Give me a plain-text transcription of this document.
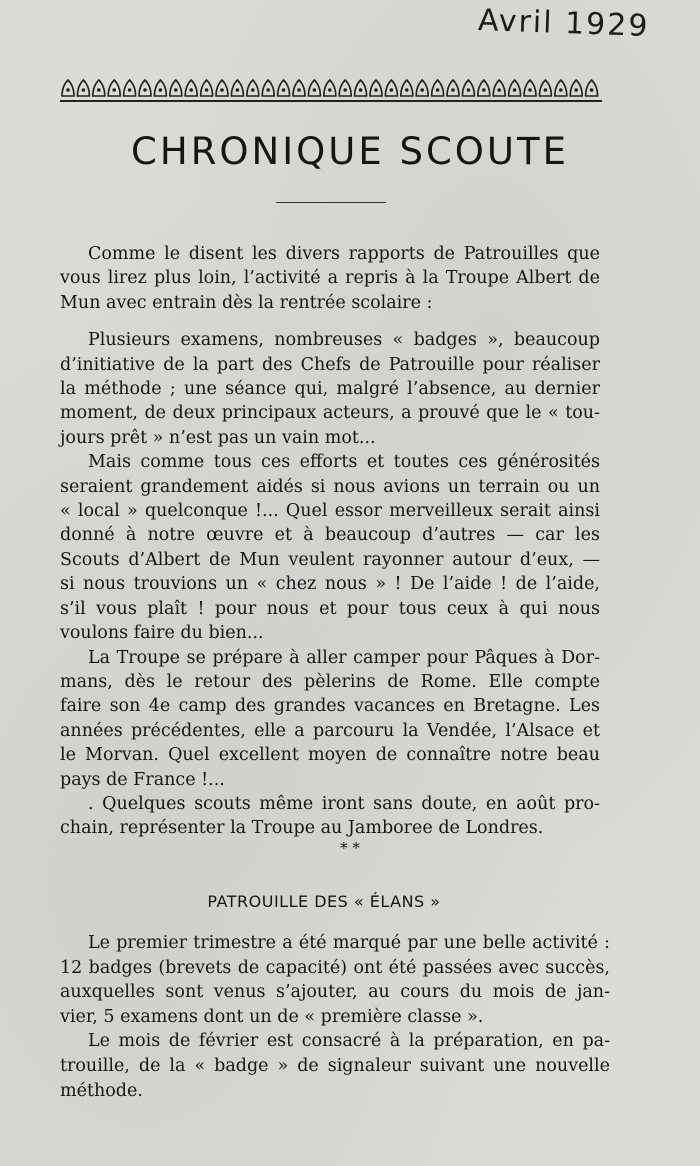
Avril 1929
CHRONIQUE SCOUTE
Comme le disent les divers rapports de Patrouilles que
vous lirez plus loin, l’activité a repris à la Troupe Albert de
Mun avec entrain dès la rentrée scolaire :
Plusieurs examens, nombreuses « badges », beaucoup
d’initiative de la part des Chefs de Patrouille pour réaliser
la méthode ; une séance qui, malgré l’absence, au dernier
moment, de deux principaux acteurs, a prouvé que le « tou-
jours prêt » n’est pas un vain mot...
Mais comme tous ces efforts et toutes ces générosités
seraient grandement aidés si nous avions un terrain ou un
« local » quelconque !... Quel essor merveilleux serait ainsi
donné à notre œuvre et à beaucoup d’autres — car les
Scouts d’Albert de Mun veulent rayonner autour d’eux, —
si nous trouvions un « chez nous » ! De l’aide ! de l’aide,
s’il vous plaît ! pour nous et pour tous ceux à qui nous
voulons faire du bien...
La Troupe se prépare à aller camper pour Pâques à Dor-
mans, dès le retour des pèlerins de Rome. Elle compte
faire son 4e camp des grandes vacances en Bretagne. Les
années précédentes, elle a parcouru la Vendée, l’Alsace et
le Morvan. Quel excellent moyen de connaître notre beau
pays de France !...
. Quelques scouts même iront sans doute, en août pro-
chain, représenter la Troupe au Jamboree de Londres.
* *
PATROUILLE DES « ÉLANS »
Le premier trimestre a été marqué par une belle activité :
12 badges (brevets de capacité) ont été passées avec succès,
auxquelles sont venus s’ajouter, au cours du mois de jan-
vier, 5 examens dont un de « première classe ».
Le mois de février est consacré à la préparation, en pa-
trouille, de la « badge » de signaleur suivant une nouvelle
méthode.
